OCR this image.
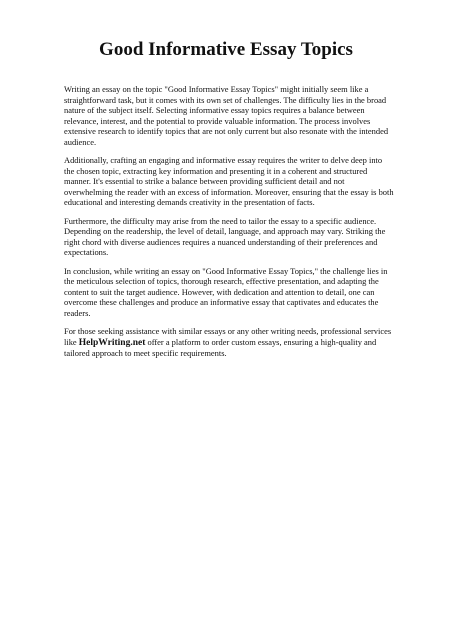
Good Informative Essay Topics

Writing an essay on the topic "Good Informative Essay Topics" might initially seem like a straightforward task, but it comes with its own set of challenges. The difficulty lies in the broad nature of the subject itself. Selecting informative essay topics requires a balance between relevance, interest, and the potential to provide valuable information. The process involves extensive research to identify topics that are not only current but also resonate with the intended audience.

Additionally, crafting an engaging and informative essay requires the writer to delve deep into the chosen topic, extracting key information and presenting it in a coherent and structured manner. It's essential to strike a balance between providing sufficient detail and not overwhelming the reader with an excess of information. Moreover, ensuring that the essay is both educational and interesting demands creativity in the presentation of facts.

Furthermore, the difficulty may arise from the need to tailor the essay to a specific audience. Depending on the readership, the level of detail, language, and approach may vary. Striking the right chord with diverse audiences requires a nuanced understanding of their preferences and expectations.

In conclusion, while writing an essay on "Good Informative Essay Topics," the challenge lies in the meticulous selection of topics, thorough research, effective presentation, and adapting the content to suit the target audience. However, with dedication and attention to detail, one can overcome these challenges and produce an informative essay that captivates and educates the readers.

For those seeking assistance with similar essays or any other writing needs, professional services like HelpWriting.net offer a platform to order custom essays, ensuring a high-quality and tailored approach to meet specific requirements.
